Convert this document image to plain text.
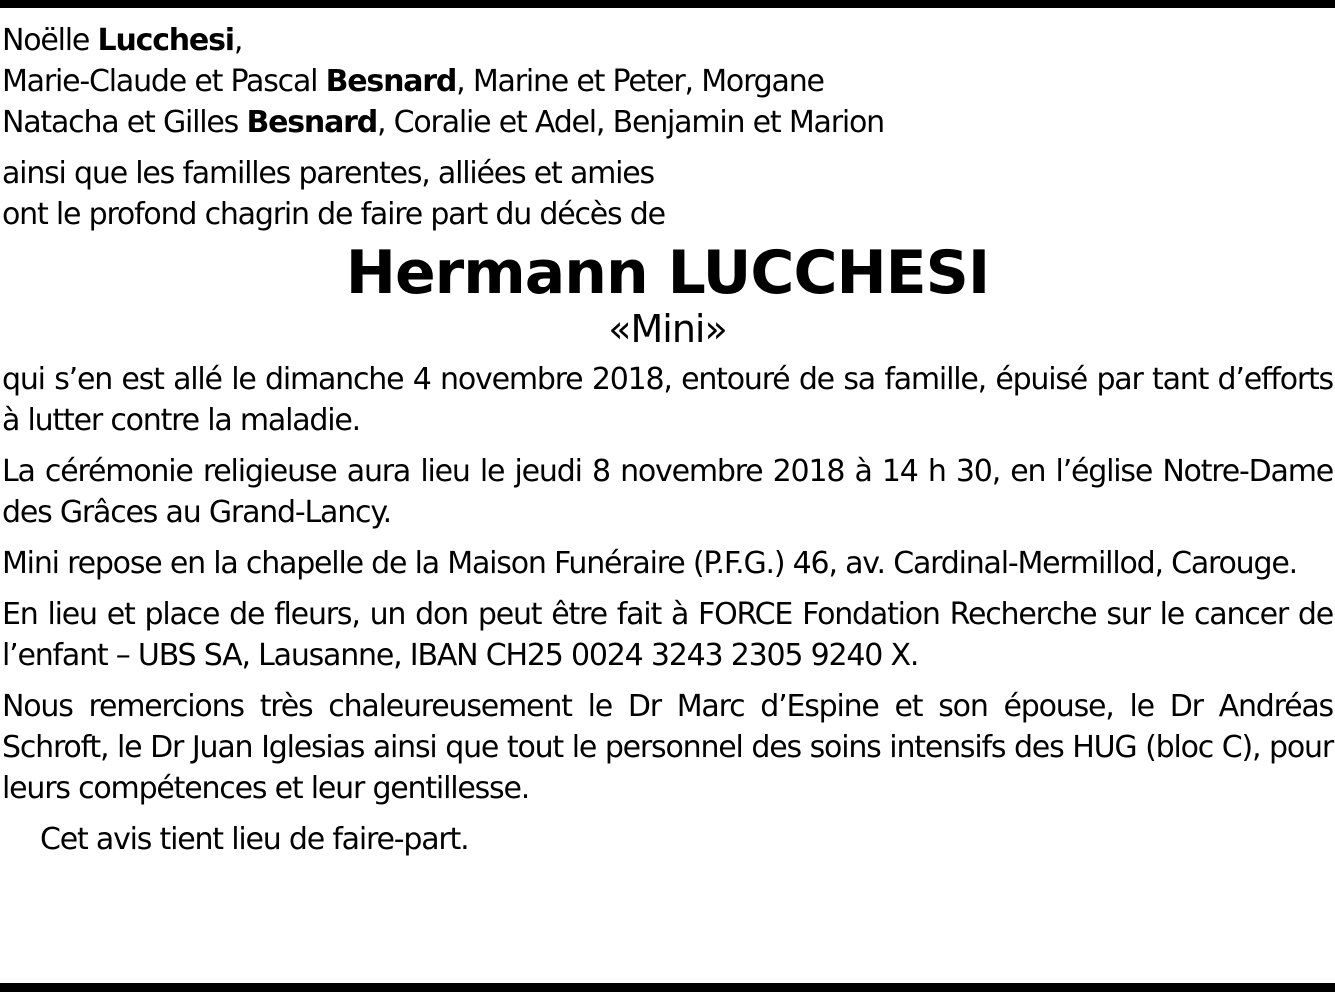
Noëlle Lucchesi,

Marie-Claude et Pascal Besnard, Marine et Peter, Morgane

Natacha et Gilles Besnard, Coralie et Adel, Benjamin et Marion

ainsi que les familles parentes, alliées et amies

ont le profond chagrin de faire part du décès de

Hermann LUCCHESI
«Mini»

qui s’en est allé le dimanche 4 novembre 2018, entouré de sa famille, épuisé par tant d’efforts à lutter contre la maladie.

La cérémonie religieuse aura lieu le jeudi 8 novembre 2018 à 14 h 30, en l’église Notre-Dame des Grâces au Grand-Lancy.

Mini repose en la chapelle de la Maison Funéraire (P.F.G.) 46, av. Cardinal-Mermillod, Carouge.

En lieu et place de fleurs, un don peut être fait à FORCE Fondation Recherche sur le cancer de l’enfant – UBS SA, Lausanne, IBAN CH25 0024 3243 2305 9240 X.

Nous remercions très chaleureusement le Dr Marc d’Espine et son épouse, le Dr Andréas Schroft, le Dr Juan Iglesias ainsi que tout le personnel des soins intensifs des HUG (bloc C), pour leurs compétences et leur gentillesse.

Cet avis tient lieu de faire-part.
